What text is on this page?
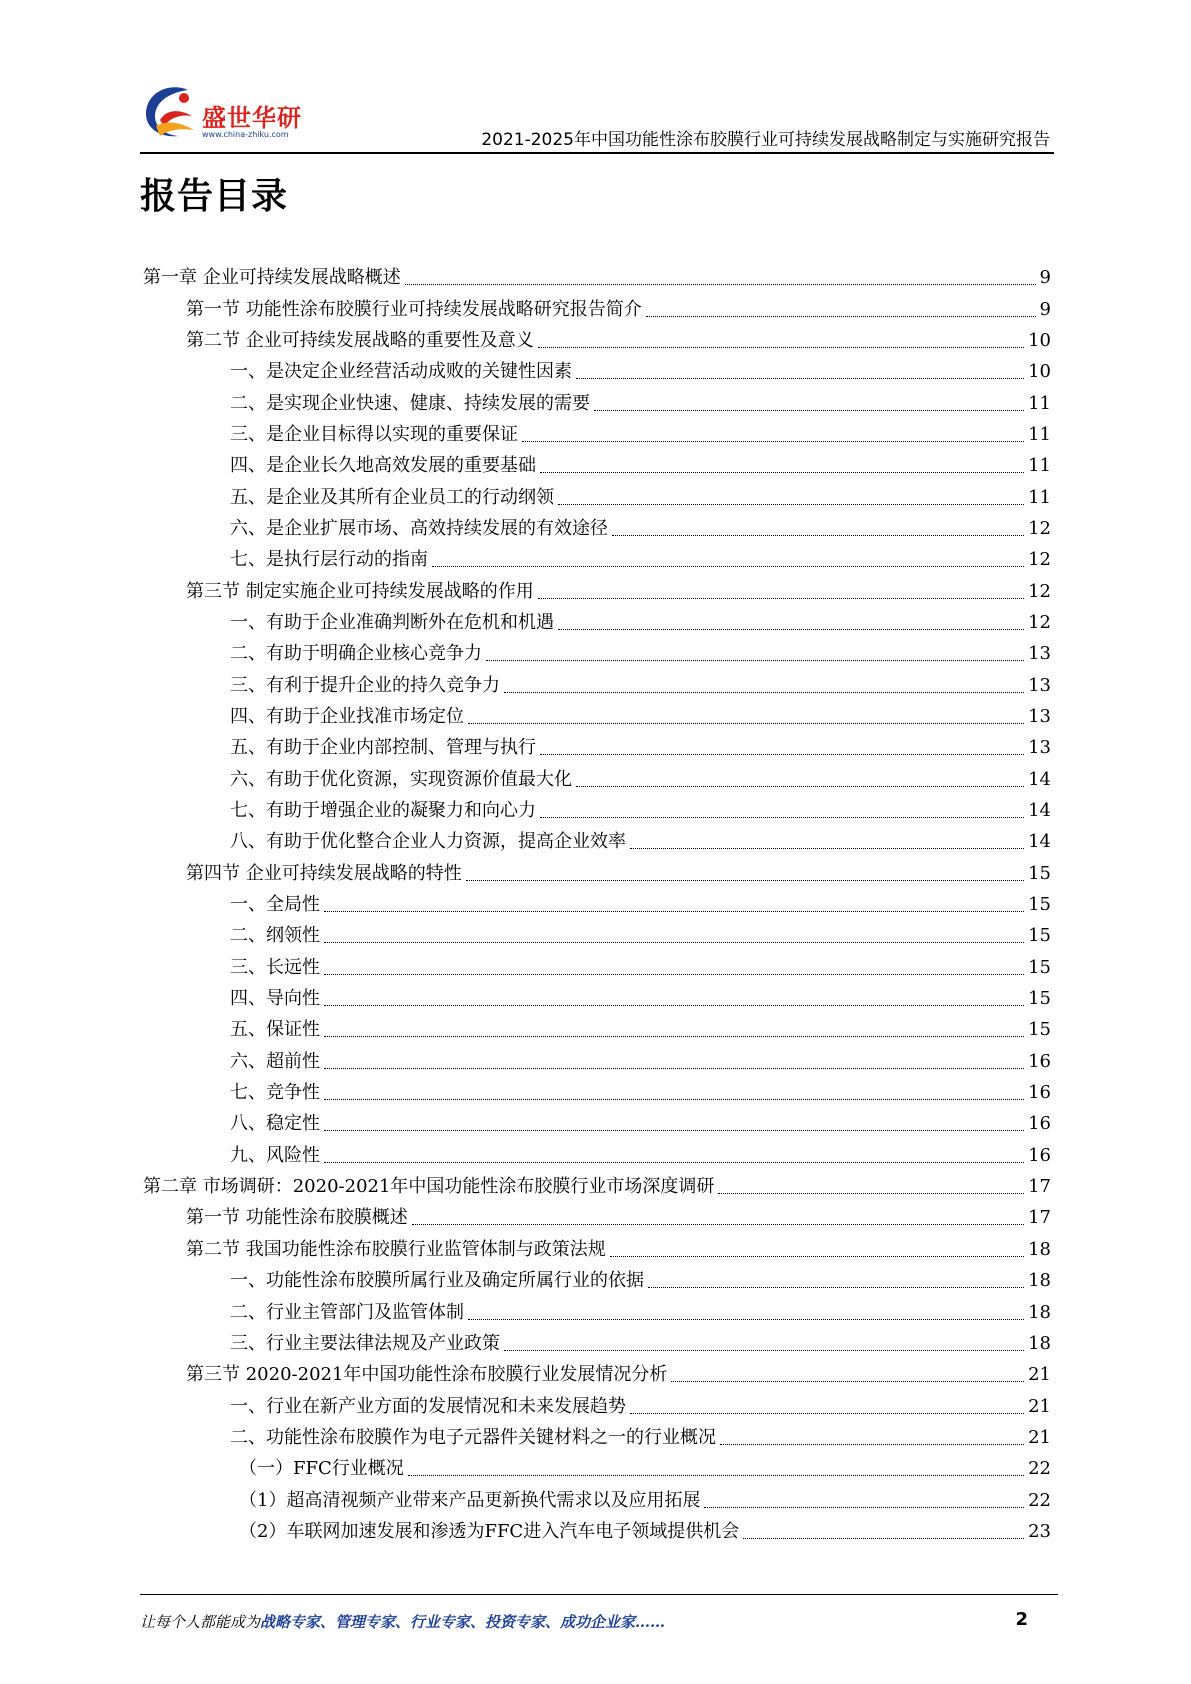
盛世华研
www.china-zhiku.com	2021-2025年中国功能性涂布胶膜行业可持续发展战略制定与实施研究报告
报告目录
第一章 企业可持续发展战略概述	9
第一节 功能性涂布胶膜行业可持续发展战略研究报告简介	9
第二节 企业可持续发展战略的重要性及意义	10
一、是决定企业经营活动成败的关键性因素	10
二、是实现企业快速、健康、持续发展的需要	11
三、是企业目标得以实现的重要保证	11
四、是企业长久地高效发展的重要基础	11
五、是企业及其所有企业员工的行动纲领	11
六、是企业扩展市场、高效持续发展的有效途径	12
七、是执行层行动的指南	12
第三节 制定实施企业可持续发展战略的作用	12
一、有助于企业准确判断外在危机和机遇	12
二、有助于明确企业核心竞争力	13
三、有利于提升企业的持久竞争力	13
四、有助于企业找准市场定位	13
五、有助于企业内部控制、管理与执行	13
六、有助于优化资源，实现资源价值最大化	14
七、有助于增强企业的凝聚力和向心力	14
八、有助于优化整合企业人力资源，提高企业效率	14
第四节 企业可持续发展战略的特性	15
一、全局性	15
二、纲领性	15
三、长远性	15
四、导向性	15
五、保证性	15
六、超前性	16
七、竞争性	16
八、稳定性	16
九、风险性	16
第二章 市场调研：2020-2021年中国功能性涂布胶膜行业市场深度调研	17
第一节 功能性涂布胶膜概述	17
第二节 我国功能性涂布胶膜行业监管体制与政策法规	18
一、功能性涂布胶膜所属行业及确定所属行业的依据	18
二、行业主管部门及监管体制	18
三、行业主要法律法规及产业政策	18
第三节 2020-2021年中国功能性涂布胶膜行业发展情况分析	21
一、行业在新产业方面的发展情况和未来发展趋势	21
二、功能性涂布胶膜作为电子元器件关键材料之一的行业概况	21
（一）FFC行业概况	22
（1）超高清视频产业带来产品更新换代需求以及应用拓展	22
（2）车联网加速发展和渗透为FFC进入汽车电子领域提供机会	23
让每个人都能成为战略专家、管理专家、行业专家、投资专家、成功企业家……	2
